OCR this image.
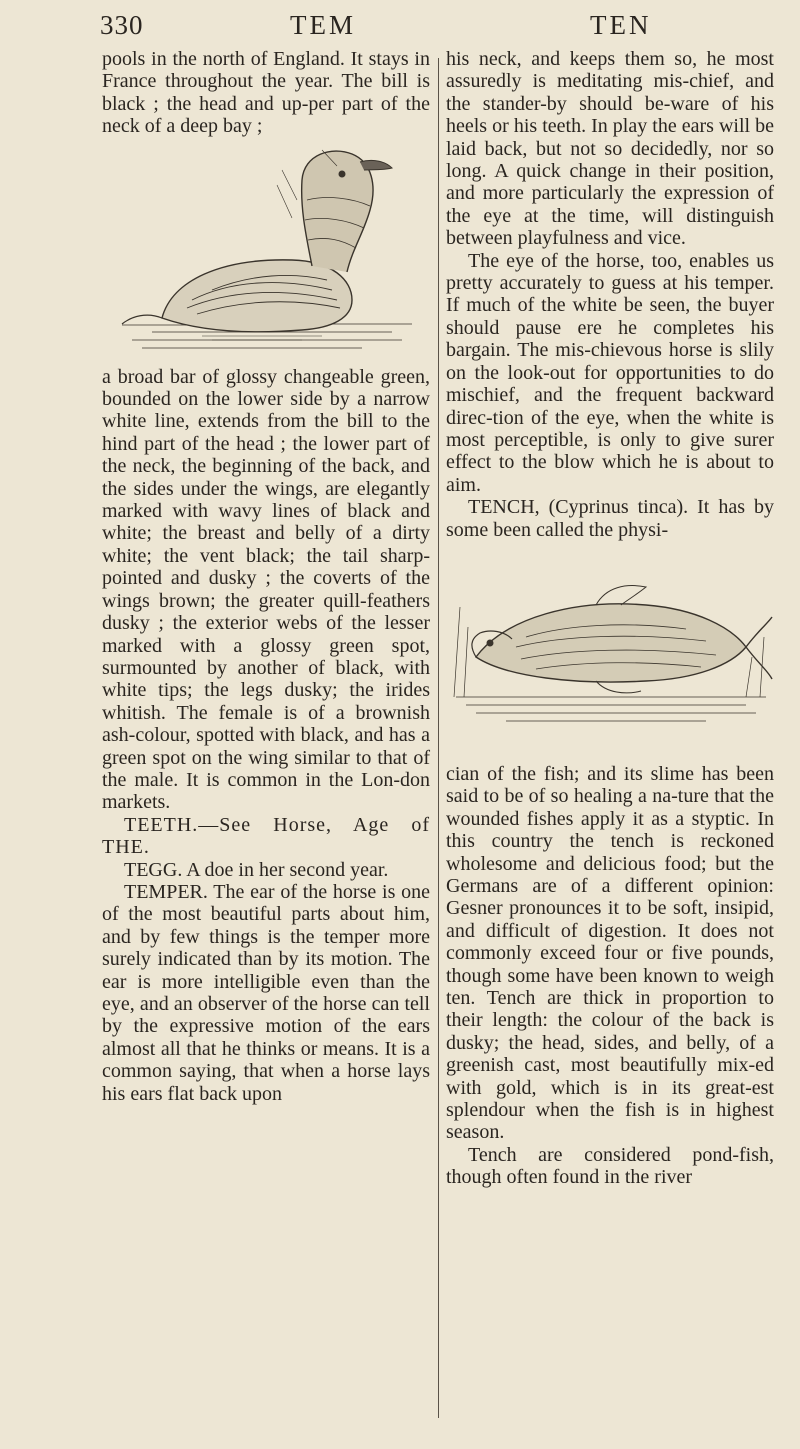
330	TEM	TEN

pools in the north of England. It stays in France throughout the year. The bill is black ; the head and up-per part of the neck of a deep bay ;

a broad bar of glossy changeable green, bounded on the lower side by a narrow white line, extends from the bill to the hind part of the head ; the lower part of the neck, the beginning of the back, and the sides under the wings, are elegantly marked with wavy lines of black and white; the breast and belly of a dirty white; the vent black; the tail sharp-pointed and dusky ; the coverts of the wings brown; the greater quill-feathers dusky ; the exterior webs of the lesser marked with a glossy green spot, surmounted by another of black, with white tips; the legs dusky; the irides whitish. The female is of a brownish ash-colour, spotted with black, and has a green spot on the wing similar to that of the male. It is common in the Lon-don markets.

TEETH.—See Horse, Age of THE.

TEGG. A doe in her second year.

TEMPER. The ear of the horse is one of the most beautiful parts about him, and by few things is the temper more surely indicated than by its motion. The ear is more intelligible even than the eye, and an observer of the horse can tell by the expressive motion of the ears almost all that he thinks or means. It is a common saying, that when a horse lays his ears flat back upon

his neck, and keeps them so, he most assuredly is meditating mis-chief, and the stander-by should be-ware of his heels or his teeth. In play the ears will be laid back, but not so decidedly, nor so long. A quick change in their position, and more particularly the expression of the eye at the time, will distinguish between playfulness and vice.

The eye of the horse, too, enables us pretty accurately to guess at his temper. If much of the white be seen, the buyer should pause ere he completes his bargain. The mis-chievous horse is slily on the look-out for opportunities to do mischief, and the frequent backward direc-tion of the eye, when the white is most perceptible, is only to give surer effect to the blow which he is about to aim.

TENCH, (Cyprinus tinca). It has by some been called the physi-

cian of the fish; and its slime has been said to be of so healing a na-ture that the wounded fishes apply it as a styptic. In this country the tench is reckoned wholesome and delicious food; but the Germans are of a different opinion: Gesner pronounces it to be soft, insipid, and difficult of digestion. It does not commonly exceed four or five pounds, though some have been known to weigh ten. Tench are thick in proportion to their length: the colour of the back is dusky; the head, sides, and belly, of a greenish cast, most beautifully mix-ed with gold, which is in its great-est splendour when the fish is in highest season.

Tench are considered pond-fish, though often found in the river
